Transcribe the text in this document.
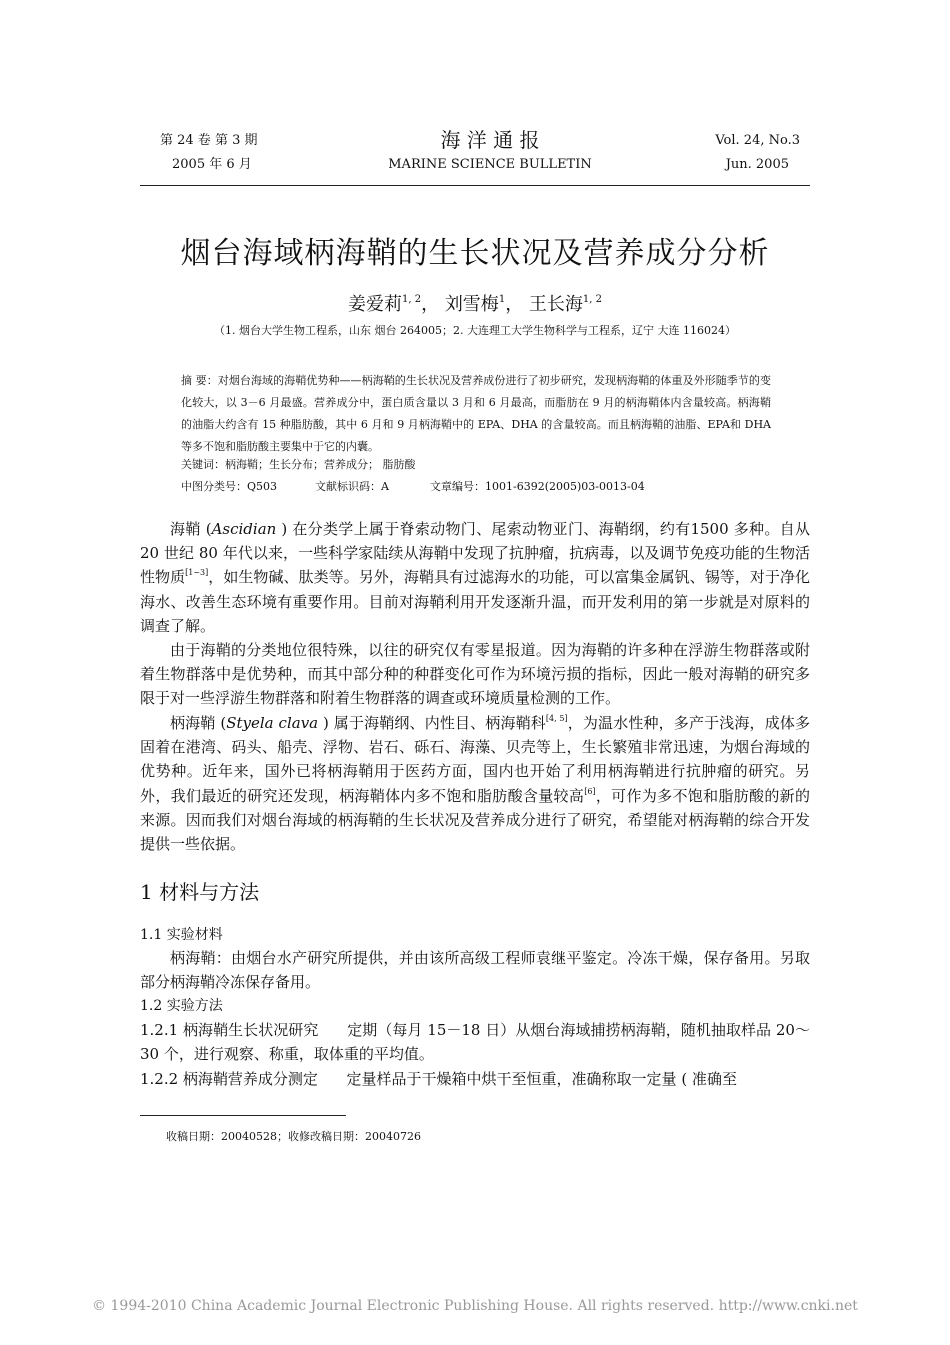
第 24 卷 第 3 期
2005 年 6 月
海 洋 通 报
MARINE SCIENCE BULLETIN
Vol. 24, No.3
Jun. 2005
烟台海域柄海鞘的生长状况及营养成分分析
姜爱莉$^{1, 2}$， 刘雪梅$^1$， 王长海$^{1, 2}$
（1. 烟台大学生物工程系，山东 烟台 264005；2. 大连理工大学生物科学与工程系，辽宁 大连 116024）
摘 要：对烟台海域的海鞘优势种——柄海鞘的生长状况及营养成份进行了初步研究，发现柄海鞘的体重及外形随季节的变化较大，以 3－6 月最盛。营养成分中，蛋白质含量以 3 月和 6 月最高，而脂肪在 9 月的柄海鞘体内含量较高。柄海鞘的油脂大约含有 15 种脂肪酸，其中 6 月和 9 月柄海鞘中的 EPA、DHA 的含量较高。而且柄海鞘的油脂、EPA和 DHA等多不饱和脂肪酸主要集中于它的内囊。
关键词：柄海鞘；生长分布；营养成分； 脂肪酸
中图分类号：Q503	文献标识码：A	文章编号：1001-6392(2005)03-0013-04
海鞘 (Ascidian ) 在分类学上属于脊索动物门、尾索动物亚门、海鞘纲，约有1500 多种。自从 20 世纪 80 年代以来，一些科学家陆续从海鞘中发现了抗肿瘤，抗病毒，以及调节免疫功能的生物活性物质[1~3]，如生物碱、肽类等。另外，海鞘具有过滤海水的功能，可以富集金属钒、锡等，对于净化海水、改善生态环境有重要作用。目前对海鞘利用开发逐渐升温，而开发利用的第一步就是对原料的调查了解。
由于海鞘的分类地位很特殊，以往的研究仅有零星报道。因为海鞘的许多种在浮游生物群落或附着生物群落中是优势种，而其中部分种的种群变化可作为环境污损的指标，因此一般对海鞘的研究多限于对一些浮游生物群落和附着生物群落的调查或环境质量检测的工作。
柄海鞘 (Styela clava ) 属于海鞘纲、内性目、柄海鞘科[4, 5]，为温水性种，多产于浅海，成体多固着在港湾、码头、船壳、浮物、岩石、砾石、海藻、贝壳等上，生长繁殖非常迅速，为烟台海域的优势种。近年来，国外已将柄海鞘用于医药方面，国内也开始了利用柄海鞘进行抗肿瘤的研究。另外，我们最近的研究还发现，柄海鞘体内多不饱和脂肪酸含量较高[6]，可作为多不饱和脂肪酸的新的来源。因而我们对烟台海域的柄海鞘的生长状况及营养成分进行了研究，希望能对柄海鞘的综合开发提供一些依据。
1 材料与方法
1.1 实验材料
柄海鞘：由烟台水产研究所提供，并由该所高级工程师袁继平鉴定。冷冻干燥，保存备用。另取部分柄海鞘冷冻保存备用。
1.2 实验方法
1.2.1 柄海鞘生长状况研究 定期（每月 15－18 日）从烟台海域捕捞柄海鞘，随机抽取样品 20～30 个，进行观察、称重，取体重的平均值。
1.2.2 柄海鞘营养成分测定 定量样品于干燥箱中烘干至恒重，准确称取一定量 ( 准确至
收稿日期：20040528；收修改稿日期：20040726
© 1994-2010 China Academic Journal Electronic Publishing House. All rights reserved. http://www.cnki.net
